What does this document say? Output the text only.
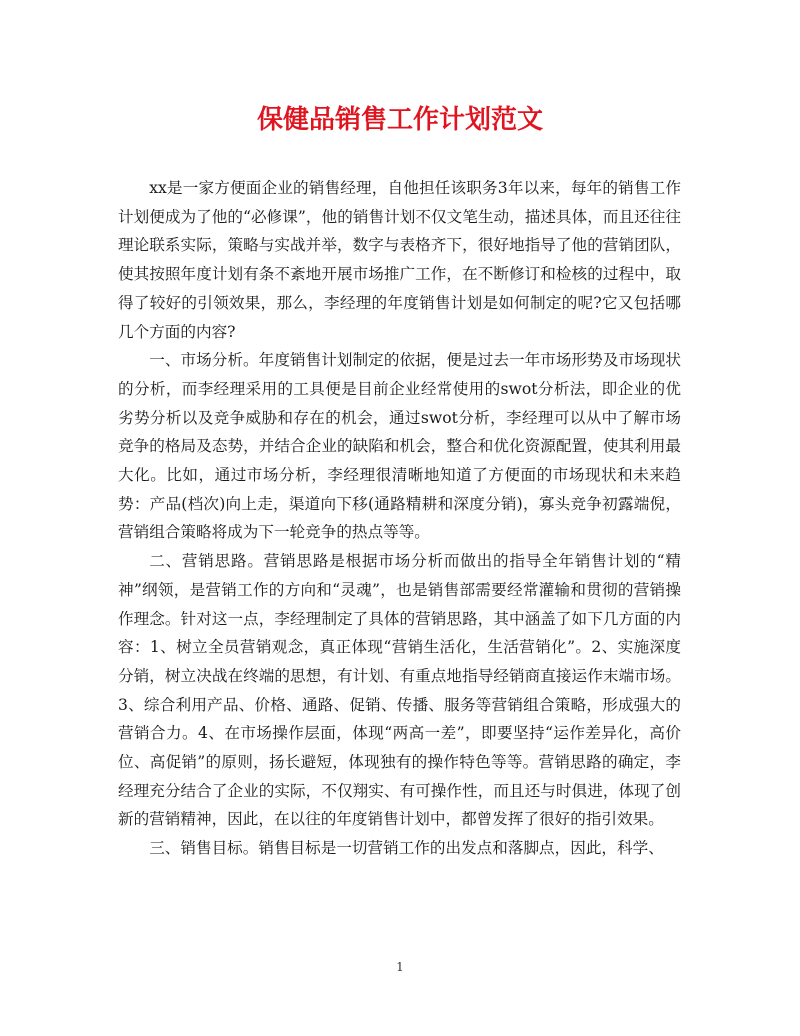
保健品销售工作计划范文

xx是一家方便面企业的销售经理，自他担任该职务3年以来，每年的销售工作计划便成为了他的“必修课”，他的销售计划不仅文笔生动，描述具体，而且还往往理论联系实际，策略与实战并举，数字与表格齐下，很好地指导了他的营销团队，使其按照年度计划有条不紊地开展市场推广工作，在不断修订和检核的过程中，取得了较好的引领效果，那么，李经理的年度销售计划是如何制定的呢?它又包括哪几个方面的内容?

一、市场分析。年度销售计划制定的依据，便是过去一年市场形势及市场现状的分析，而李经理采用的工具便是目前企业经常使用的swot分析法，即企业的优劣势分析以及竞争威胁和存在的机会，通过swot分析，李经理可以从中了解市场竞争的格局及态势，并结合企业的缺陷和机会，整合和优化资源配置，使其利用最大化。比如，通过市场分析，李经理很清晰地知道了方便面的市场现状和未来趋势：产品(档次)向上走，渠道向下移(通路精耕和深度分销)，寡头竞争初露端倪，营销组合策略将成为下一轮竞争的热点等等。

二、营销思路。营销思路是根据市场分析而做出的指导全年销售计划的“精神”纲领，是营销工作的方向和“灵魂”，也是销售部需要经常灌输和贯彻的营销操作理念。针对这一点，李经理制定了具体的营销思路，其中涵盖了如下几方面的内容：1、树立全员营销观念，真正体现“营销生活化，生活营销化”。2、实施深度分销，树立决战在终端的思想，有计划、有重点地指导经销商直接运作末端市场。3、综合利用产品、价格、通路、促销、传播、服务等营销组合策略，形成强大的营销合力。4、在市场操作层面，体现“两高一差”，即要坚持“运作差异化，高价位、高促销”的原则，扬长避短，体现独有的操作特色等等。营销思路的确定，李经理充分结合了企业的实际，不仅翔实、有可操作性，而且还与时俱进，体现了创新的营销精神，因此，在以往的年度销售计划中，都曾发挥了很好的指引效果。

三、销售目标。销售目标是一切营销工作的出发点和落脚点，因此，科学、

1
